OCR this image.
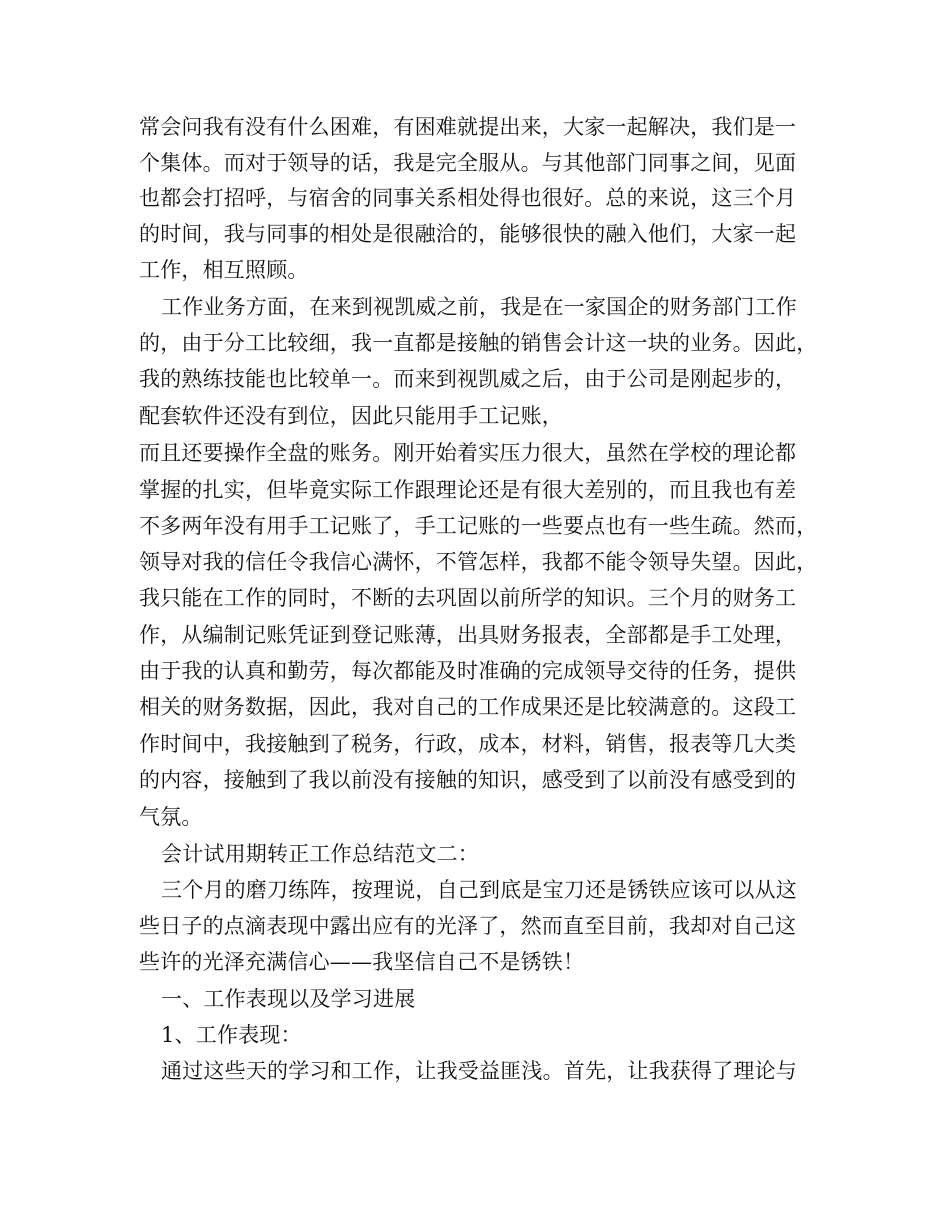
常会问我有没有什么困难，有困难就提出来，大家一起解决，我们是一
个集体。而对于领导的话，我是完全服从。与其他部门同事之间，见面
也都会打招呼，与宿舍的同事关系相处得也很好。总的来说，这三个月
的时间，我与同事的相处是很融洽的，能够很快的融入他们，大家一起
工作，相互照顾。
工作业务方面，在来到视凯威之前，我是在一家国企的财务部门工作
的，由于分工比较细，我一直都是接触的销售会计这一块的业务。因此，
我的熟练技能也比较单一。而来到视凯威之后，由于公司是刚起步的，
配套软件还没有到位，因此只能用手工记账，
而且还要操作全盘的账务。刚开始着实压力很大，虽然在学校的理论都
掌握的扎实，但毕竟实际工作跟理论还是有很大差别的，而且我也有差
不多两年没有用手工记账了，手工记账的一些要点也有一些生疏。然而，
领导对我的信任令我信心满怀，不管怎样，我都不能令领导失望。因此，
我只能在工作的同时，不断的去巩固以前所学的知识。三个月的财务工
作，从编制记账凭证到登记账薄，出具财务报表，全部都是手工处理，
由于我的认真和勤劳，每次都能及时准确的完成领导交待的任务，提供
相关的财务数据，因此，我对自己的工作成果还是比较满意的。这段工
作时间中，我接触到了税务，行政，成本，材料，销售，报表等几大类
的内容，接触到了我以前没有接触的知识，感受到了以前没有感受到的
气氛。
会计试用期转正工作总结范文二：
三个月的磨刀练阵，按理说，自己到底是宝刀还是锈铁应该可以从这
些日子的点滴表现中露出应有的光泽了，然而直至目前，我却对自己这
些许的光泽充满信心——我坚信自己不是锈铁！
一、工作表现以及学习进展
1、工作表现：
通过这些天的学习和工作，让我受益匪浅。首先，让我获得了理论与
